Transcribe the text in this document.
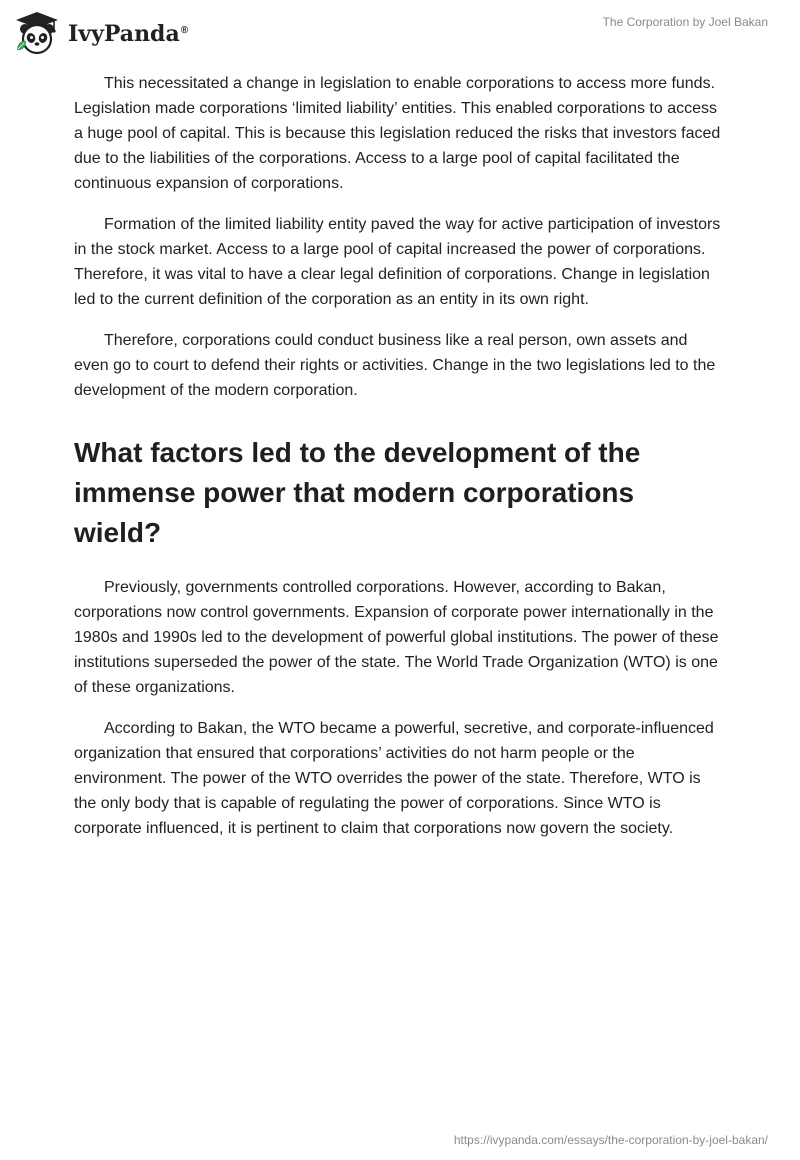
IvyPanda®
The Corporation by Joel Bakan

This necessitated a change in legislation to enable corporations to access more funds. Legislation made corporations ‘limited liability’ entities. This enabled corporations to access a huge pool of capital. This is because this legislation reduced the risks that investors faced due to the liabilities of the corporations. Access to a large pool of capital facilitated the continuous expansion of corporations.

Formation of the limited liability entity paved the way for active participation of investors in the stock market. Access to a large pool of capital increased the power of corporations. Therefore, it was vital to have a clear legal definition of corporations. Change in legislation led to the current definition of the corporation as an entity in its own right.

Therefore, corporations could conduct business like a real person, own assets and even go to court to defend their rights or activities. Change in the two legislations led to the development of the modern corporation.

What factors led to the development of the immense power that modern corporations wield?

Previously, governments controlled corporations. However, according to Bakan, corporations now control governments. Expansion of corporate power internationally in the 1980s and 1990s led to the development of powerful global institutions. The power of these institutions superseded the power of the state. The World Trade Organization (WTO) is one of these organizations.

According to Bakan, the WTO became a powerful, secretive, and corporate-influenced organization that ensured that corporations’ activities do not harm people or the environment. The power of the WTO overrides the power of the state. Therefore, WTO is the only body that is capable of regulating the power of corporations. Since WTO is corporate influenced, it is pertinent to claim that corporations now govern the society.

https://ivypanda.com/essays/the-corporation-by-joel-bakan/
